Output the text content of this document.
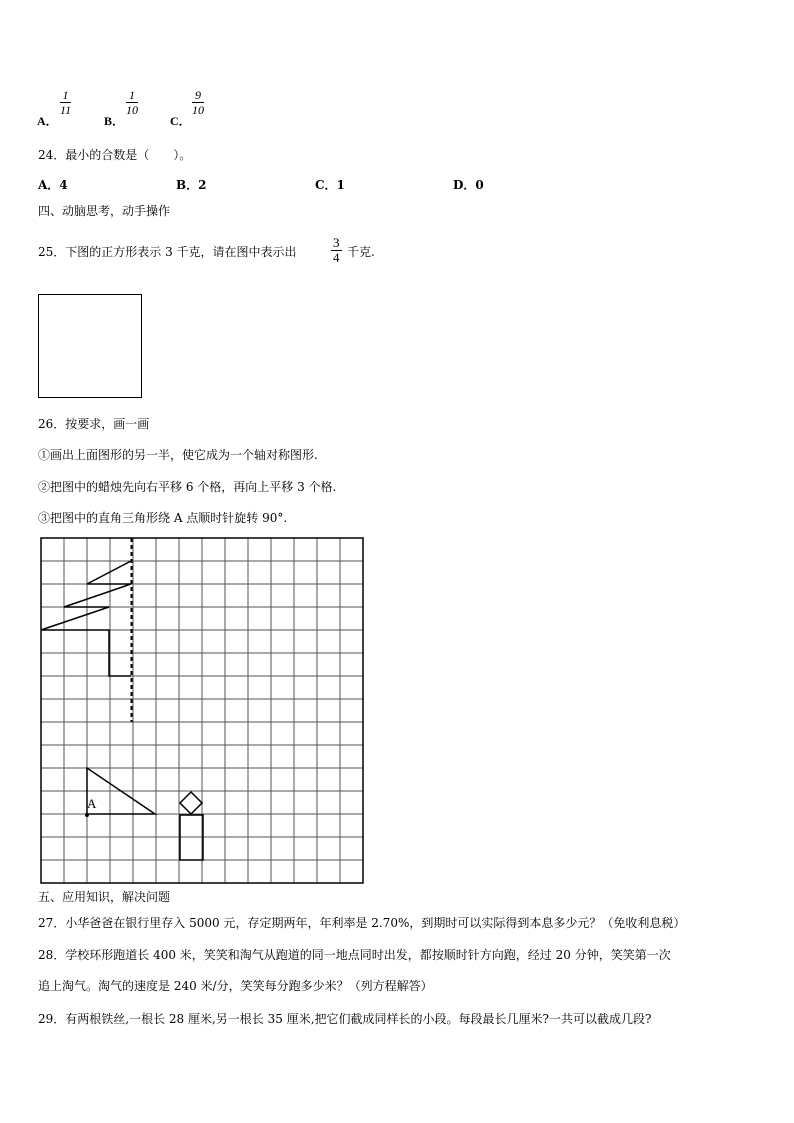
A．
$\frac{1}{11}$
B．
$\frac{1}{10}$
C．
$\frac{9}{10}$
24．最小的合数是（　　）。
A．4	B．2	C．1	D．0
四、动脑思考，动手操作
25．下图的正方形表示 3 千克，请在图中表示出	$\frac{3}{4}$ 千克.
26．按要求，画一画
①画出上面图形的另一半，使它成为一个轴对称图形.
②把图中的蜡烛先向右平移 6 个格，再向上平移 3 个格.
③把图中的直角三角形绕 A 点顺时针旋转 90°.
A
五、应用知识，解决问题
27．小华爸爸在银行里存入 5000 元，存定期两年，年利率是 2.70%，到期时可以实际得到本息多少元？（免收利息税）
28．学校环形跑道长 400 米，笑笑和淘气从跑道的同一地点同时出发，都按顺时针方向跑，经过 20 分钟，笑笑第一次
追上淘气。淘气的速度是 240 米/分，笑笑每分跑多少米？（列方程解答）
29．有两根铁丝,一根长 28 厘米,另一根长 35 厘米,把它们截成同样长的小段。每段最长几厘米?一共可以截成几段?
